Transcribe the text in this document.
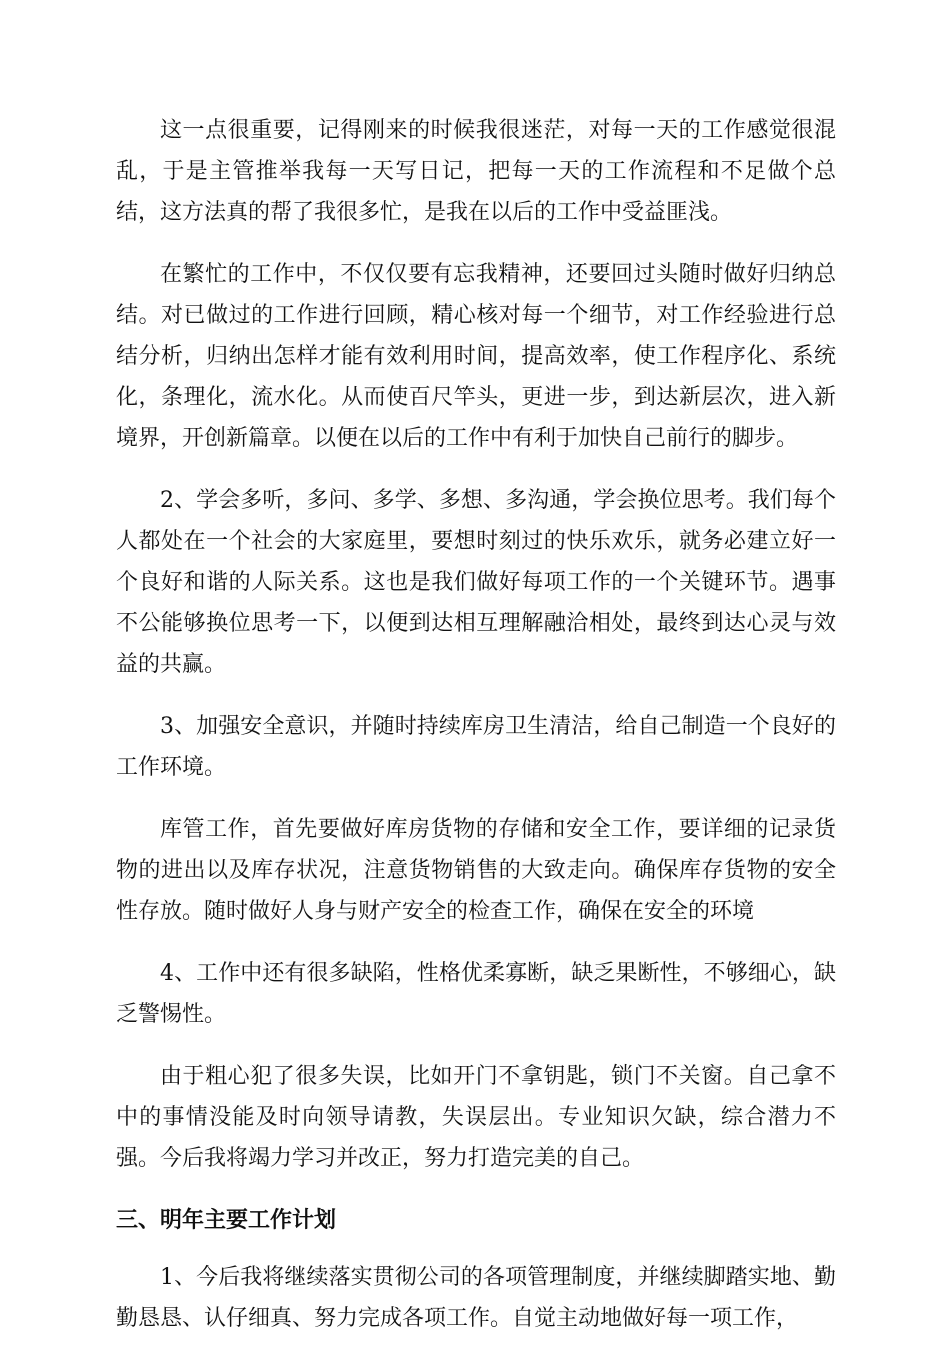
这一点很重要，记得刚来的时候我很迷茫，对每一天的工作感觉很混乱，于是主管推举我每一天写日记，把每一天的工作流程和不足做个总结，这方法真的帮了我很多忙，是我在以后的工作中受益匪浅。

在繁忙的工作中，不仅仅要有忘我精神，还要回过头随时做好归纳总结。对已做过的工作进行回顾，精心核对每一个细节，对工作经验进行总结分析，归纳出怎样才能有效利用时间，提高效率，使工作程序化、系统化，条理化，流水化。从而使百尺竿头，更进一步，到达新层次，进入新境界，开创新篇章。以便在以后的工作中有利于加快自己前行的脚步。

2、学会多听，多问、多学、多想、多沟通，学会换位思考。我们每个人都处在一个社会的大家庭里，要想时刻过的快乐欢乐，就务必建立好一个良好和谐的人际关系。这也是我们做好每项工作的一个关键环节。遇事不公能够换位思考一下，以便到达相互理解融洽相处，最终到达心灵与效益的共赢。

3、加强安全意识，并随时持续库房卫生清洁，给自己制造一个良好的工作环境。

库管工作，首先要做好库房货物的存储和安全工作，要详细的记录货物的进出以及库存状况，注意货物销售的大致走向。确保库存货物的安全性存放。随时做好人身与财产安全的检查工作，确保在安全的环境

4、工作中还有很多缺陷，性格优柔寡断，缺乏果断性，不够细心，缺乏警惕性。

由于粗心犯了很多失误，比如开门不拿钥匙，锁门不关窗。自己拿不中的事情没能及时向领导请教，失误层出。专业知识欠缺，综合潜力不强。今后我将竭力学习并改正，努力打造完美的自己。

三、明年主要工作计划

1、今后我将继续落实贯彻公司的各项管理制度，并继续脚踏实地、勤勤恳恳、认仔细真、努力完成各项工作。自觉主动地做好每一项工作，
